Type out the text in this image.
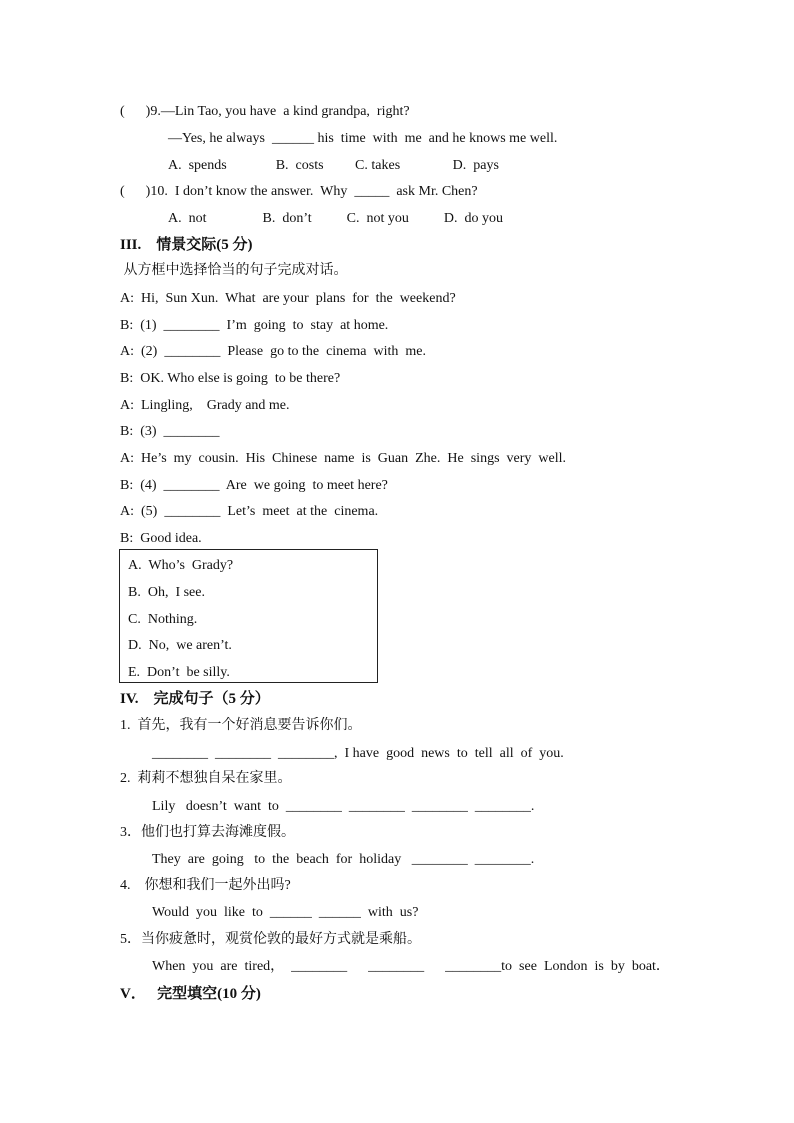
(      )9.—Lin Tao, you have  a kind grandpa,  right?
—Yes, he always  ______ his  time  with  me  and he knows me well.
A.  spends              B.  costs         C. takes               D.  pays
(      )10.  I don’t know the answer.  Why  _____  ask Mr. Chen?
A.  not                B.  don’t          C.  not you          D.  do you
III.    情景交际(5 分)
从方框中选择恰当的句子完成对话。
A:  Hi,  Sun Xun.  What  are your  plans  for  the  weekend?
B:  (1)  ________  I’m  going  to  stay  at home.
A:  (2)  ________  Please  go to the  cinema  with  me.
B:  OK. Who else is going  to be there?
A:  Lingling,    Grady and me.
B:  (3)  ________
A:  He’s  my  cousin.  His  Chinese  name  is  Guan  Zhe.  He  sings  very  well.
B:  (4)  ________  Are  we going  to meet here?
A:  (5)  ________  Let’s  meet  at the  cinema.
B:  Good idea.
A.  Who’s  Grady?
B.  Oh,  I see.
C.  Nothing.
D.  No,  we aren’t.
E.  Don’t  be silly.
IV.    完成句子（5 分）
1.  首先，我有一个好消息要告诉你们。
________  ________  ________,  I have  good  news  to  tell  all  of  you.
2.  莉莉不想独自呆在家里。
Lily   doesn’t  want  to  ________  ________  ________  ________.
3．他们也打算去海滩度假。
They  are  going   to  the  beach  for  holiday   ________  ________.
4.    你想和我们一起外出吗?
Would  you  like  to  ______  ______  with  us?
5．当你疲惫时，观赏伦敦的最好方式就是乘船。
When  you  are  tired，  ________      ________      ________to  see  London  is  by  boat．
V．   完型填空(10 分)
